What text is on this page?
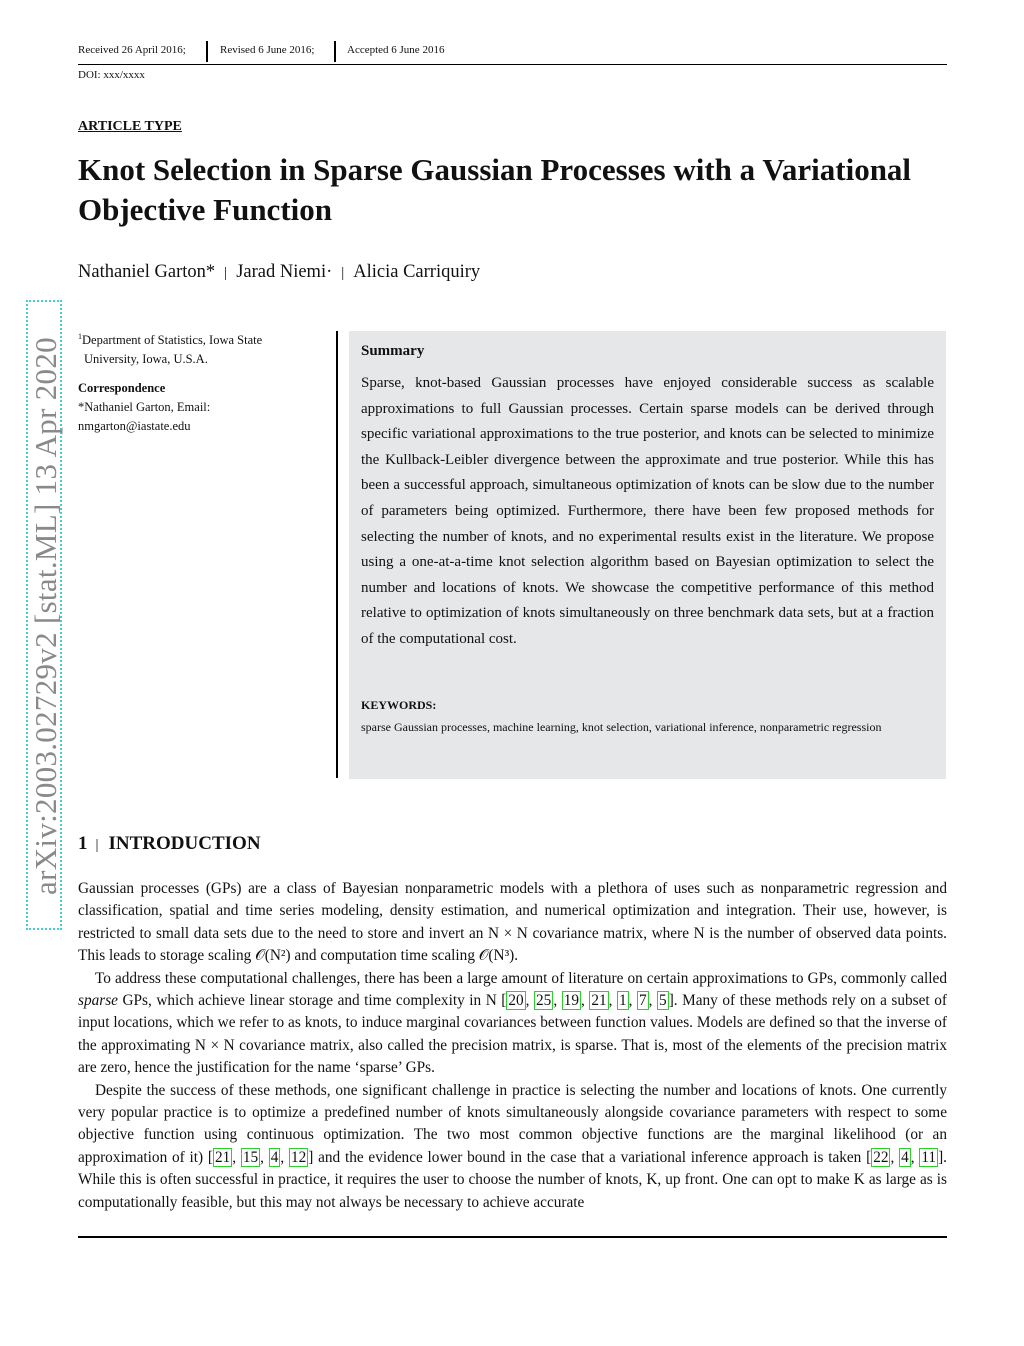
Received 26 April 2016;	Revised 6 June 2016;	Accepted 6 June 2016
DOI: xxx/xxxx
ARTICLE TYPE
Knot Selection in Sparse Gaussian Processes with a Variational
Objective Function
Nathaniel Garton* | Jarad Niemi· | Alicia Carriquiry
arXiv:2003.02729v2 [stat.ML] 13 Apr 2020
$^1$Department of Statistics, Iowa State
University, Iowa, U.S.A.
Correspondence
*Nathaniel Garton, Email:
nmgarton@iastate.edu
Summary
Sparse, knot-based Gaussian processes have enjoyed considerable success as scalable approximations to full Gaussian processes. Certain sparse models can be derived through specific variational approximations to the true posterior, and knots can be selected to minimize the Kullback-Leibler divergence between the approximate and true posterior. While this has been a successful approach, simultaneous optimization of knots can be slow due to the number of parameters being optimized. Furthermore, there have been few proposed methods for selecting the number of knots, and no experimental results exist in the literature. We propose using a one-at-a-time knot selection algorithm based on Bayesian optimization to select the number and locations of knots. We showcase the competitive performance of this method relative to optimization of knots simultaneously on three benchmark data sets, but at a fraction of the computational cost.
KEYWORDS:
sparse Gaussian processes, machine learning, knot selection, variational inference, nonparametric regression
1 | INTRODUCTION

Gaussian processes (GPs) are a class of Bayesian nonparametric models with a plethora of uses such as nonparametric regression and classification, spatial and time series modeling, density estimation, and numerical optimization and integration. Their use, however, is restricted to small data sets due to the need to store and invert an N × N covariance matrix, where N is the number of observed data points. This leads to storage scaling 𝒪(N²) and computation time scaling 𝒪(N³).

To address these computational challenges, there has been a large amount of literature on certain approximations to GPs, commonly called sparse GPs, which achieve linear storage and time complexity in N [ 20 , 25 , 19 , 21 , 1 , 7 , 5 ]. Many of these methods rely on a subset of input locations, which we refer to as knots, to induce marginal covariances between function values. Models are defined so that the inverse of the approximating N × N covariance matrix, also called the precision matrix, is sparse. That is, most of the elements of the precision matrix are zero, hence the justification for the name ‘sparse’ GPs.

Despite the success of these methods, one significant challenge in practice is selecting the number and locations of knots. One currently very popular practice is to optimize a predefined number of knots simultaneously alongside covariance parameters with respect to some objective function using continuous optimization. The two most common objective functions are the marginal likelihood (or an approximation of it) [ 21 , 15 , 4 , 12 ] and the evidence lower bound in the case that a variational inference approach is taken [ 22 , 4 , 11 ]. While this is often successful in practice, it requires the user to choose the number of knots, K, up front. One can opt to make K as large as is computationally feasible, but this may not always be necessary to achieve accurate
